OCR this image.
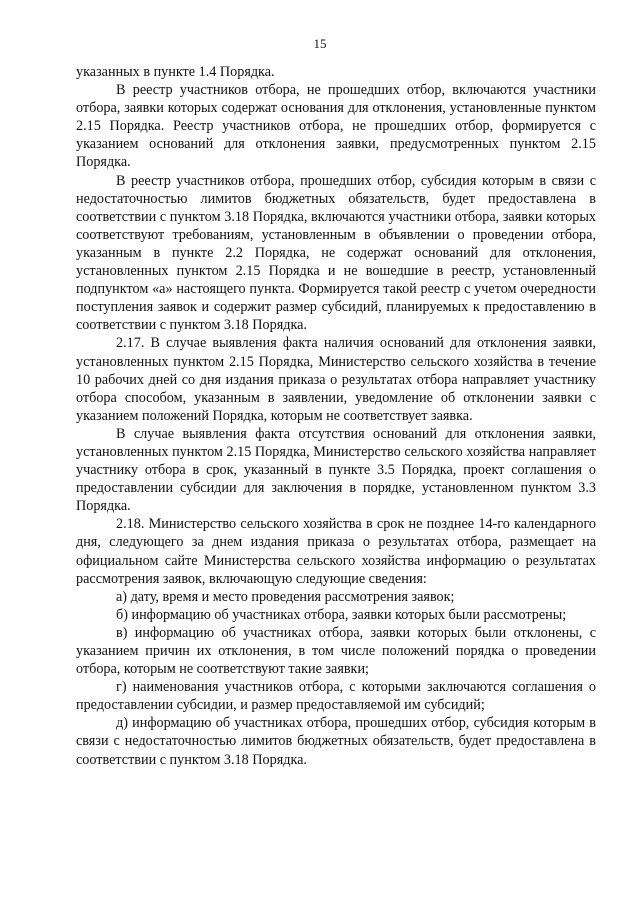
15

указанных в пункте 1.4 Порядка.

В реестр участников отбора, не прошедших отбор, включаются участники отбора, заявки которых содержат основания для отклонения, установленные пунктом 2.15 Порядка. Реестр участников отбора, не прошедших отбор, формируется с указанием оснований для отклонения заявки, предусмотренных пунктом 2.15 Порядка.

В реестр участников отбора, прошедших отбор, субсидия которым в связи с недостаточностью лимитов бюджетных обязательств, будет предоставлена в соответствии с пунктом 3.18 Порядка, включаются участники отбора, заявки которых соответствуют требованиям, установленным в объявлении о проведении отбора, указанным в пункте 2.2 Порядка, не содержат оснований для отклонения, установленных пунктом 2.15 Порядка и не вошедшие в реестр, установленный подпунктом «а» настоящего пункта. Формируется такой реестр с учетом очередности поступления заявок и содержит размер субсидий, планируемых к предоставлению в соответствии с пунктом 3.18 Порядка.

2.17. В случае выявления факта наличия оснований для отклонения заявки, установленных пунктом 2.15 Порядка, Министерство сельского хозяйства в течение 10 рабочих дней со дня издания приказа о результатах отбора направляет участнику отбора способом, указанным в заявлении, уведомление об отклонении заявки с указанием положений Порядка, которым не соответствует заявка.

В случае выявления факта отсутствия оснований для отклонения заявки, установленных пунктом 2.15 Порядка, Министерство сельского хозяйства направляет участнику отбора в срок, указанный в пункте 3.5 Порядка, проект соглашения о предоставлении субсидии для заключения в порядке, установленном пунктом 3.3 Порядка.

2.18. Министерство сельского хозяйства в срок не позднее 14-го календарного дня, следующего за днем издания приказа о результатах отбора, размещает на официальном сайте Министерства сельского хозяйства информацию о результатах рассмотрения заявок, включающую следующие сведения:

а) дату, время и место проведения рассмотрения заявок;

б) информацию об участниках отбора, заявки которых были рассмотрены;

в) информацию об участниках отбора, заявки которых были отклонены, с указанием причин их отклонения, в том числе положений порядка о проведении отбора, которым не соответствуют такие заявки;

г) наименования участников отбора, с которыми заключаются соглашения о предоставлении субсидии, и размер предоставляемой им субсидий;

д) информацию об участниках отбора, прошедших отбор, субсидия которым в связи с недостаточностью лимитов бюджетных обязательств, будет предоставлена в соответствии с пунктом 3.18 Порядка.
